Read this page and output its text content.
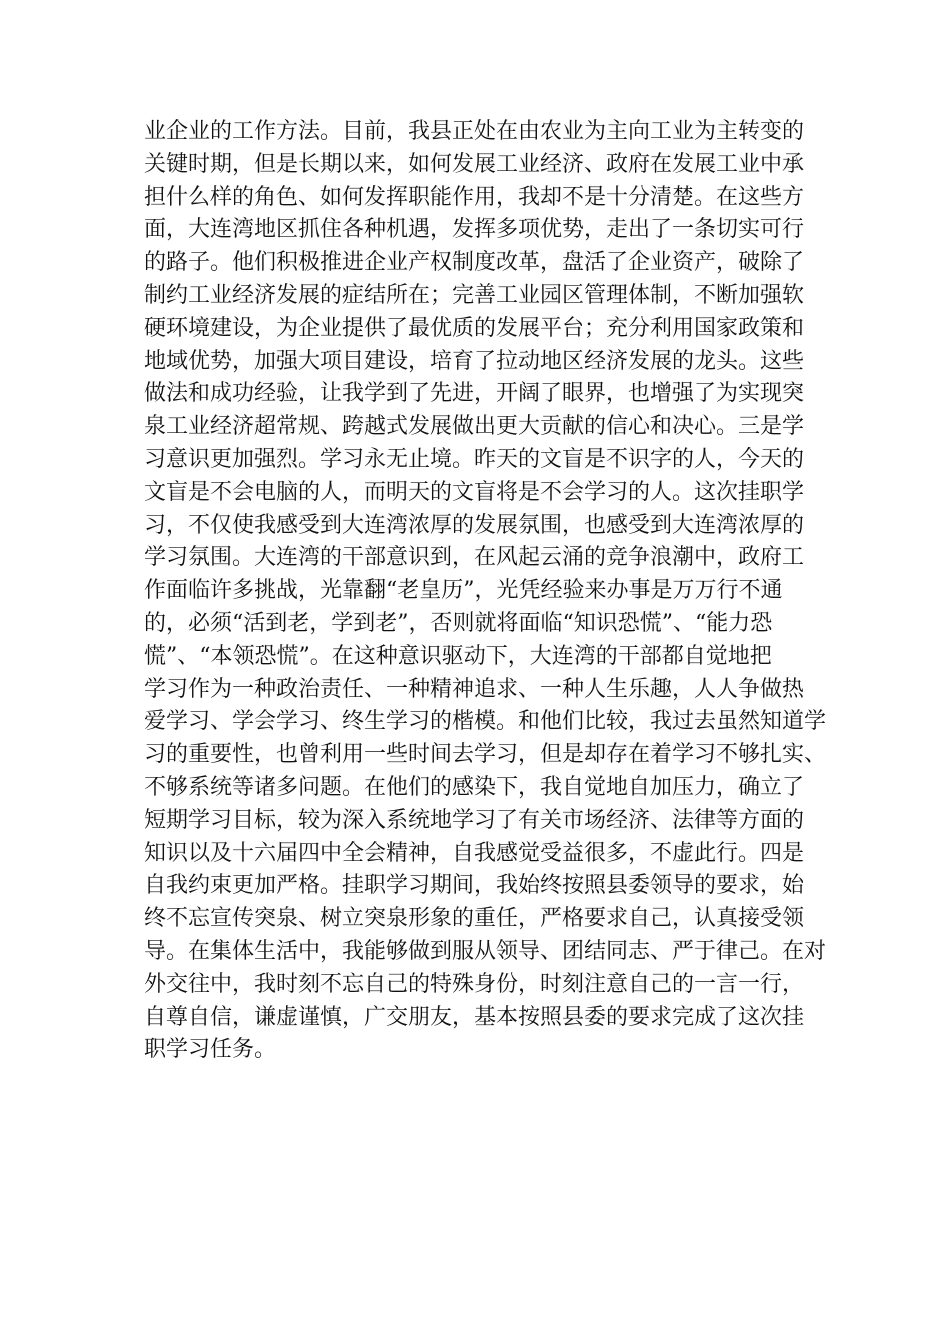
业企业的工作方法。目前，我县正处在由农业为主向工业为主转变的
关键时期，但是长期以来，如何发展工业经济、政府在发展工业中承
担什么样的角色、如何发挥职能作用，我却不是十分清楚。在这些方
面，大连湾地区抓住各种机遇，发挥多项优势，走出了一条切实可行
的路子。他们积极推进企业产权制度改革，盘活了企业资产，破除了
制约工业经济发展的症结所在；完善工业园区管理体制，不断加强软
硬环境建设，为企业提供了最优质的发展平台；充分利用国家政策和
地域优势，加强大项目建设，培育了拉动地区经济发展的龙头。这些
做法和成功经验，让我学到了先进，开阔了眼界，也增强了为实现突
泉工业经济超常规、跨越式发展做出更大贡献的信心和决心。三是学
习意识更加强烈。学习永无止境。昨天的文盲是不识字的人，今天的
文盲是不会电脑的人，而明天的文盲将是不会学习的人。这次挂职学
习，不仅使我感受到大连湾浓厚的发展氛围，也感受到大连湾浓厚的
学习氛围。大连湾的干部意识到，在风起云涌的竞争浪潮中，政府工
作面临许多挑战，光靠翻“老皇历”，光凭经验来办事是万万行不通
的，必须“活到老，学到老”，否则就将面临“知识恐慌”、“能力恐
慌”、“本领恐慌”。在这种意识驱动下，大连湾的干部都自觉地把
学习作为一种政治责任、一种精神追求、一种人生乐趣，人人争做热
爱学习、学会学习、终生学习的楷模。和他们比较，我过去虽然知道学
习的重要性，也曾利用一些时间去学习，但是却存在着学习不够扎实、
不够系统等诸多问题。在他们的感染下，我自觉地自加压力，确立了
短期学习目标，较为深入系统地学习了有关市场经济、法律等方面的
知识以及十六届四中全会精神，自我感觉受益很多，不虚此行。四是
自我约束更加严格。挂职学习期间，我始终按照县委领导的要求，始
终不忘宣传突泉、树立突泉形象的重任，严格要求自己，认真接受领
导。在集体生活中，我能够做到服从领导、团结同志、严于律己。在对
外交往中，我时刻不忘自己的特殊身份，时刻注意自己的一言一行，
自尊自信，谦虚谨慎，广交朋友，基本按照县委的要求完成了这次挂
职学习任务。
